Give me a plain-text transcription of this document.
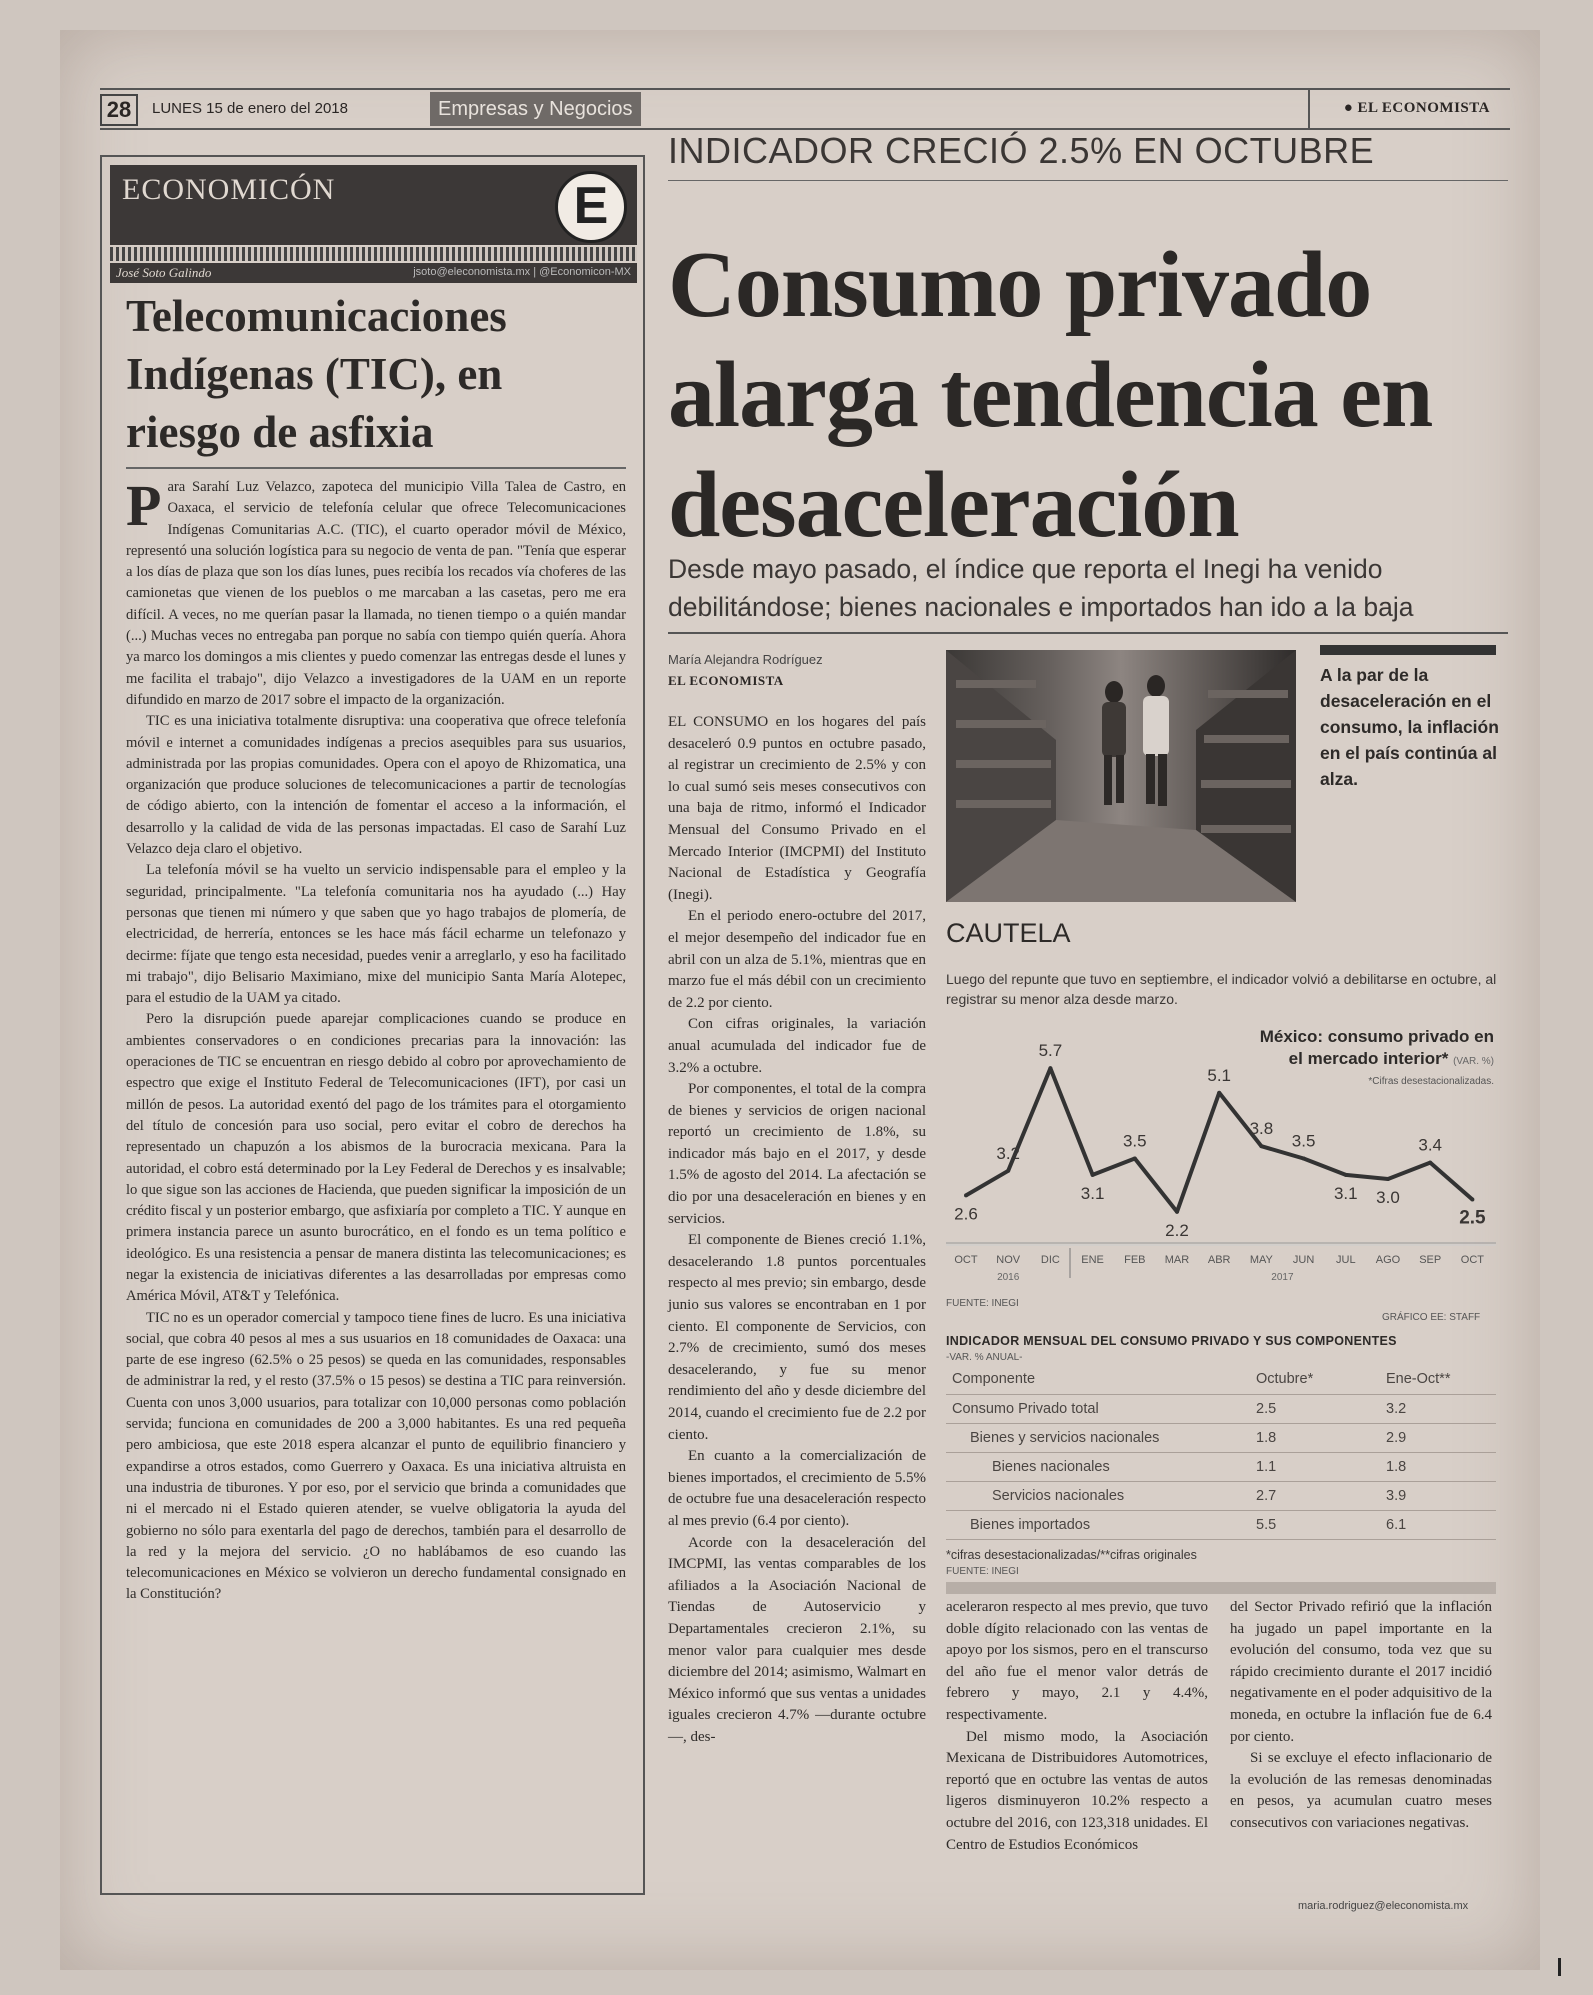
28	LUNES 15 de enero del 2018	Empresas y Negocios	● EL ECONOMISTA
ECONOMICÓN	E
José Soto Galindo	jsoto@eleconomista.mx | @Economicon-MX
Telecomunicaciones Indígenas (TIC), en riesgo de asfixia

Para Sarahí Luz Velazco, zapoteca del municipio Villa Talea de Castro, en Oaxaca, el servicio de telefonía celular que ofrece Telecomunicaciones Indígenas Comunitarias A.C. (TIC), el cuarto operador móvil de México, representó una solución logística para su negocio de venta de pan. "Tenía que esperar a los días de plaza que son los días lunes, pues recibía los recados vía choferes de las camionetas que vienen de los pueblos o me marcaban a las casetas, pero me era difícil. A veces, no me querían pasar la llamada, no tienen tiempo o a quién mandar (...) Muchas veces no entregaba pan porque no sabía con tiempo quién quería. Ahora ya marco los domingos a mis clientes y puedo comenzar las entregas desde el lunes y me facilita el trabajo", dijo Velazco a investigadores de la UAM en un reporte difundido en marzo de 2017 sobre el impacto de la organización.

TIC es una iniciativa totalmente disruptiva: una cooperativa que ofrece telefonía móvil e internet a comunidades indígenas a precios asequibles para sus usuarios, administrada por las propias comunidades. Opera con el apoyo de Rhizomatica, una organización que produce soluciones de telecomunicaciones a partir de tecnologías de código abierto, con la intención de fomentar el acceso a la información, el desarrollo y la calidad de vida de las personas impactadas. El caso de Sarahí Luz Velazco deja claro el objetivo.

La telefonía móvil se ha vuelto un servicio indispensable para el empleo y la seguridad, principalmente. "La telefonía comunitaria nos ha ayudado (...) Hay personas que tienen mi número y que saben que yo hago trabajos de plomería, de electricidad, de herrería, entonces se les hace más fácil echarme un telefonazo y decirme: fíjate que tengo esta necesidad, puedes venir a arreglarlo, y eso ha facilitado mi trabajo", dijo Belisario Maximiano, mixe del municipio Santa María Alotepec, para el estudio de la UAM ya citado.

Pero la disrupción puede aparejar complicaciones cuando se produce en ambientes conservadores o en condiciones precarias para la innovación: las operaciones de TIC se encuentran en riesgo debido al cobro por aprovechamiento de espectro que exige el Instituto Federal de Telecomunicaciones (IFT), por casi un millón de pesos. La autoridad exentó del pago de los trámites para el otorgamiento del título de concesión para uso social, pero evitar el cobro de derechos ha representado un chapuzón a los abismos de la burocracia mexicana. Para la autoridad, el cobro está determinado por la Ley Federal de Derechos y es insalvable; lo que sigue son las acciones de Hacienda, que pueden significar la imposición de un crédito fiscal y un posterior embargo, que asfixiaría por completo a TIC. Y aunque en primera instancia parece un asunto burocrático, en el fondo es un tema político e ideológico. Es una resistencia a pensar de manera distinta las telecomunicaciones; es negar la existencia de iniciativas diferentes a las desarrolladas por empresas como América Móvil, AT&T y Telefónica.

TIC no es un operador comercial y tampoco tiene fines de lucro. Es una iniciativa social, que cobra 40 pesos al mes a sus usuarios en 18 comunidades de Oaxaca: una parte de ese ingreso (62.5% o 25 pesos) se queda en las comunidades, responsables de administrar la red, y el resto (37.5% o 15 pesos) se destina a TIC para reinversión. Cuenta con unos 3,000 usuarios, para totalizar con 10,000 personas como población servida; funciona en comunidades de 200 a 3,000 habitantes. Es una red pequeña pero ambiciosa, que este 2018 espera alcanzar el punto de equilibrio financiero y expandirse a otros estados, como Guerrero y Oaxaca. Es una iniciativa altruista en una industria de tiburones. Y por eso, por el servicio que brinda a comunidades que ni el mercado ni el Estado quieren atender, se vuelve obligatoria la ayuda del gobierno no sólo para exentarla del pago de derechos, también para el desarrollo de la red y la mejora del servicio. ¿O no hablábamos de eso cuando las telecomunicaciones en México se volvieron un derecho fundamental consignado en la Constitución?

INDICADOR CRECIÓ 2.5% EN OCTUBRE
Consumo privado alarga tendencia en desaceleración
Desde mayo pasado, el índice que reporta el Inegi ha venido debilitándose; bienes nacionales e importados han ido a la baja
María Alejandra Rodríguez
EL ECONOMISTA

EL CONSUMO en los hogares del país desaceleró 0.9 puntos en octubre pasado, al registrar un crecimiento de 2.5% y con lo cual sumó seis meses consecutivos con una baja de ritmo, informó el Indicador Mensual del Consumo Privado en el Mercado Interior (IMCPMI) del Instituto Nacional de Estadística y Geografía (Inegi).

En el periodo enero-octubre del 2017, el mejor desempeño del indicador fue en abril con un alza de 5.1%, mientras que en marzo fue el más débil con un crecimiento de 2.2 por ciento.

Con cifras originales, la variación anual acumulada del indicador fue de 3.2% a octubre.

Por componentes, el total de la compra de bienes y servicios de origen nacional reportó un crecimiento de 1.8%, su indicador más bajo en el 2017, y desde 1.5% de agosto del 2014. La afectación se dio por una desaceleración en bienes y en servicios.

El componente de Bienes creció 1.1%, desacelerando 1.8 puntos porcentuales respecto al mes previo; sin embargo, desde junio sus valores se encontraban en 1 por ciento. El componente de Servicios, con 2.7% de crecimiento, sumó dos meses desacelerando, y fue su menor rendimiento del año y desde diciembre del 2014, cuando el crecimiento fue de 2.2 por ciento.

En cuanto a la comercialización de bienes importados, el crecimiento de 5.5% de octubre fue una desaceleración respecto al mes previo (6.4 por ciento).

Acorde con la desaceleración del IMCPMI, las ventas comparables de los afiliados a la Asociación Nacional de Tiendas de Autoservicio y Departamentales crecieron 2.1%, su menor valor para cualquier mes desde diciembre del 2014; asimismo, Walmart en México informó que sus ventas a unidades iguales crecieron 4.7% —durante octubre—, des-

A la par de la desaceleración en el consumo, la inflación en el país continúa al alza.
CAUTELA
Luego del repunte que tuvo en septiembre, el indicador volvió a debilitarse en octubre, al registrar su menor alza desde marzo.
México: consumo privado en
el mercado interior* (VAR. %)
*Cifras desestacionalizadas.
2.6
OCT
3.2
NOV
5.7
DIC
3.1
ENE
3.5
FEB
2.2
MAR
5.1
ABR
3.8
MAY
3.5
JUN
3.1
JUL
3.0
AGO
3.4
SEP
2.5
OCT
2016	2017
FUENTE: INEGI
GRÁFICO EE: STAFF
INDICADOR MENSUAL DEL CONSUMO PRIVADO Y SUS COMPONENTES
-VAR. % ANUAL-
Componente	Octubre*	Ene-Oct**
Consumo Privado total	2.5	3.2
Bienes y servicios nacionales	1.8	2.9
Bienes nacionales	1.1	1.8
Servicios nacionales	2.7	3.9
Bienes importados	5.5	6.1
*cifras desestacionalizadas/**cifras originales
FUENTE: INEGI

aceleraron respecto al mes previo, que tuvo doble dígito relacionado con las ventas de apoyo por los sismos, pero en el transcurso del año fue el menor valor detrás de febrero y mayo, 2.1 y 4.4%, respectivamente.

Del mismo modo, la Asociación Mexicana de Distribuidores Automotrices, reportó que en octubre las ventas de autos ligeros disminuyeron 10.2% respecto a octubre del 2016, con 123,318 unidades. El Centro de Estudios Económicos

del Sector Privado refirió que la inflación ha jugado un papel importante en la evolución del consumo, toda vez que su rápido crecimiento durante el 2017 incidió negativamente en el poder adquisitivo de la moneda, en octubre la inflación fue de 6.4 por ciento.

Si se excluye el efecto inflacionario de la evolución de las remesas denominadas en pesos, ya acumulan cuatro meses consecutivos con variaciones negativas.

maria.rodriguez@eleconomista.mx
